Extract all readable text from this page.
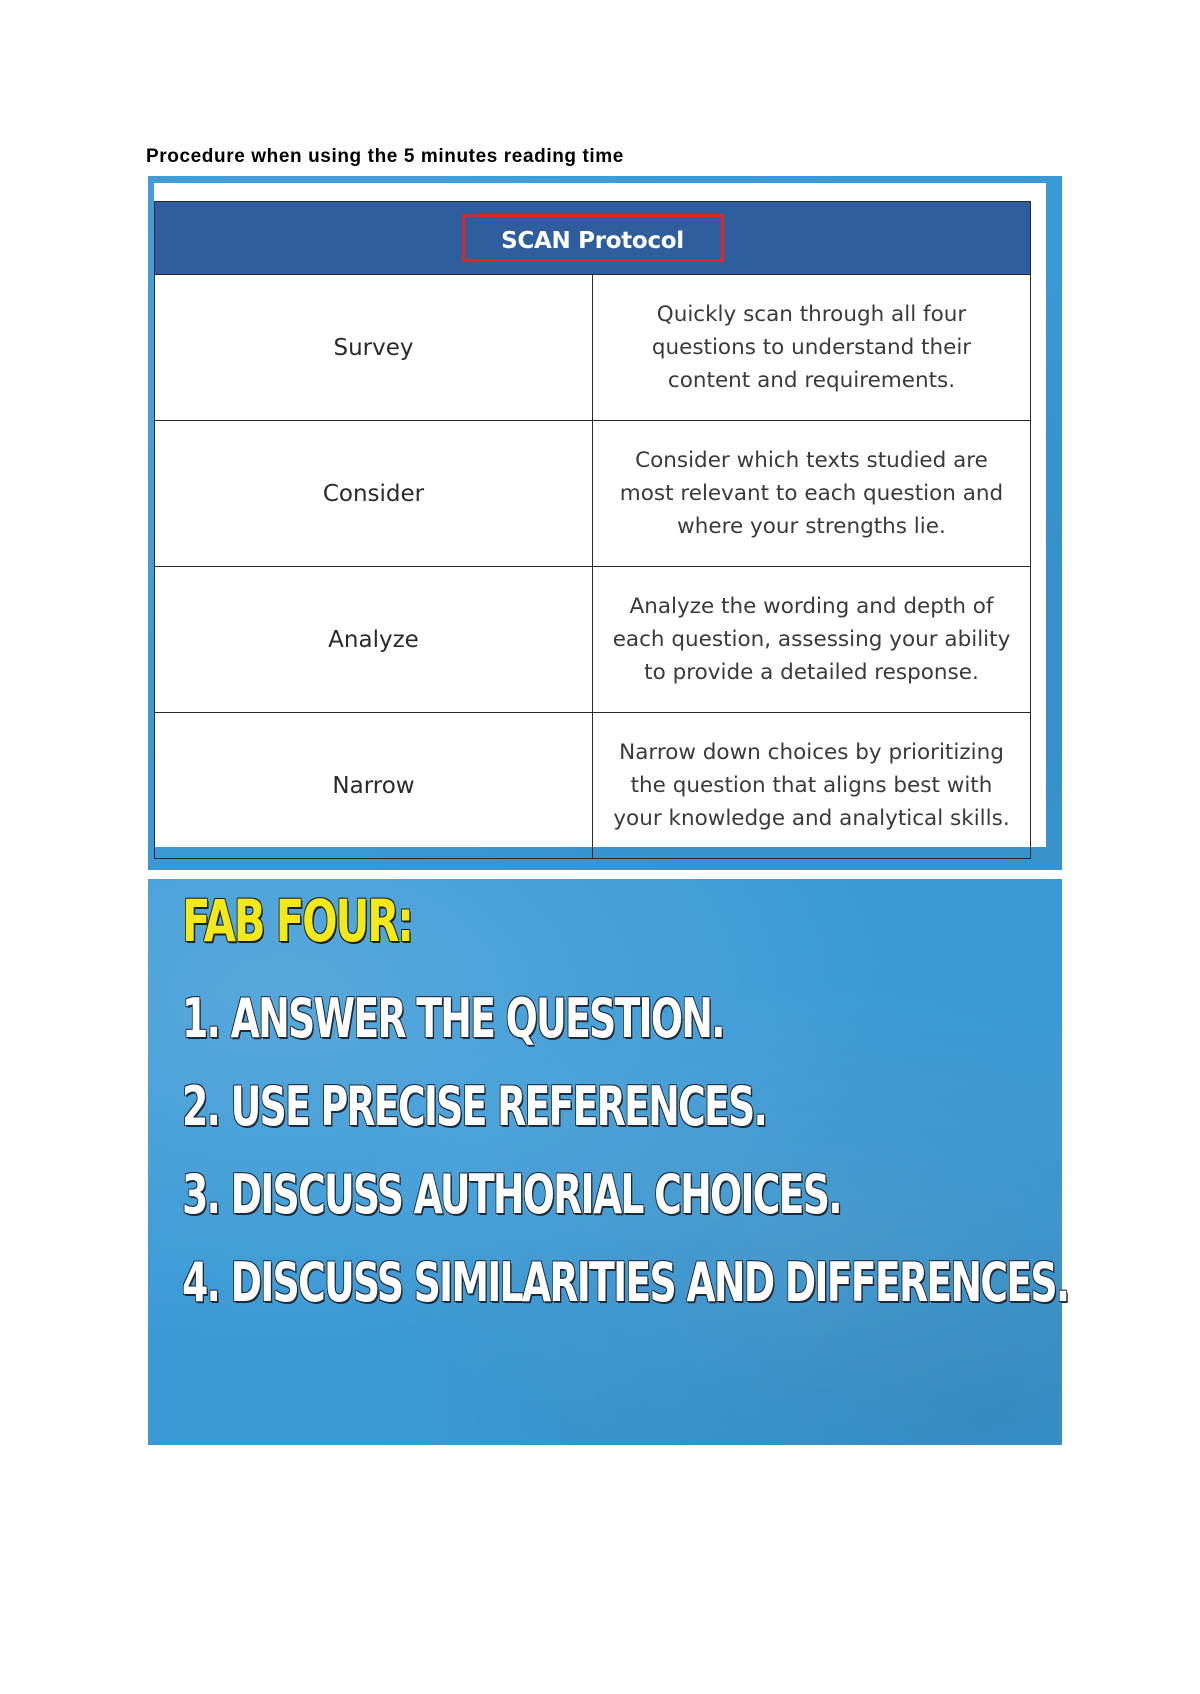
Procedure when using the 5 minutes reading time
SCAN Protocol	
Survey	Quickly scan through all four questions to understand their content and requirements.
Consider	Consider which texts studied are most relevant to each question and where your strengths lie.
Analyze	Analyze the wording and depth of each question, assessing your ability to provide a detailed response.
Narrow	Narrow down choices by prioritizing the question that aligns best with your knowledge and analytical skills.
FAB FOUR:
1. ANSWER THE QUESTION.
2. USE PRECISE REFERENCES.
3. DISCUSS AUTHORIAL CHOICES.
4. DISCUSS SIMILARITIES AND DIFFERENCES.
